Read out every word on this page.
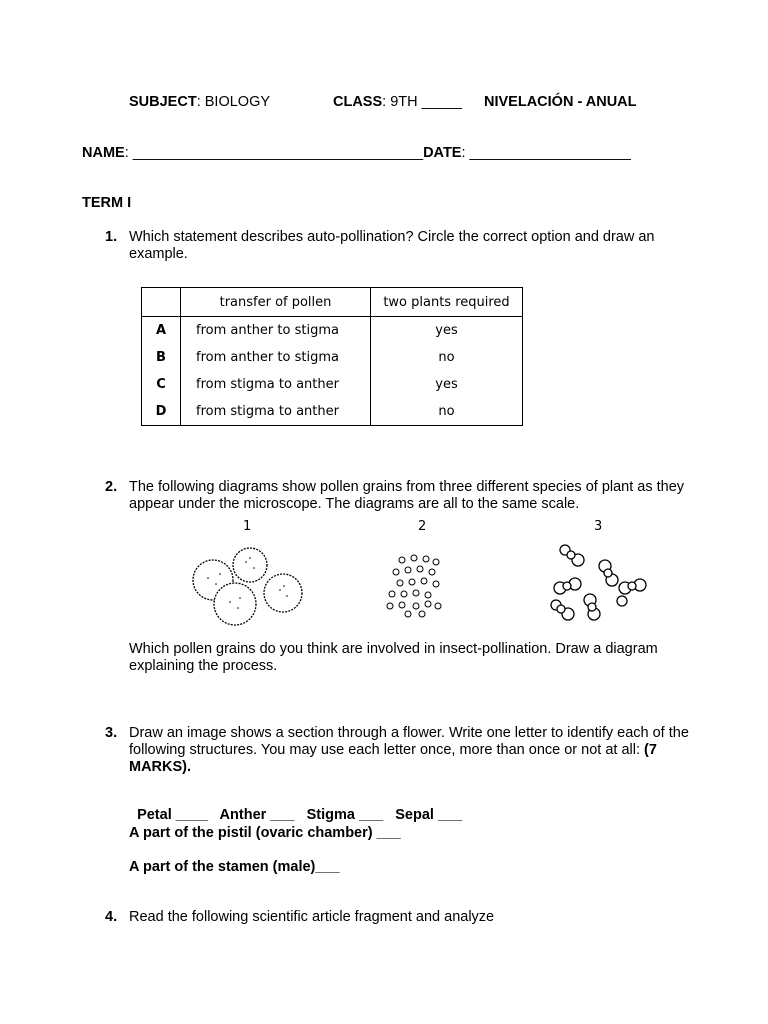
SUBJECT: BIOLOGY	CLASS: 9TH _____ NIVELACIÓN - ANUAL
NAME: ____________________________________DATE: ____________________
TERM I
1. Which statement describes auto-pollination? Circle the correct option and draw an example.
	transfer of pollen	two plants required
A	from anther to stigma	yes
B	from anther to stigma	no
C	from stigma to anther	yes
D	from stigma to anther	no
2. The following diagrams show pollen grains from three different species of plant as they appear under the microscope. The diagrams are all to the same scale.
1	2	3
Which pollen grains do you think are involved in insect-pollination. Draw a diagram explaining the process.
3. Draw an image shows a section through a flower. Write one letter to identify each of the following structures. You may use each letter once, more than once or not at all: (7 MARKS).

Petal ____   Anther ___   Stigma ___   Sepal ___

A part of the pistil (ovaric chamber) ___
A part of the stamen (male)___
4. Read the following scientific article fragment and analyze
